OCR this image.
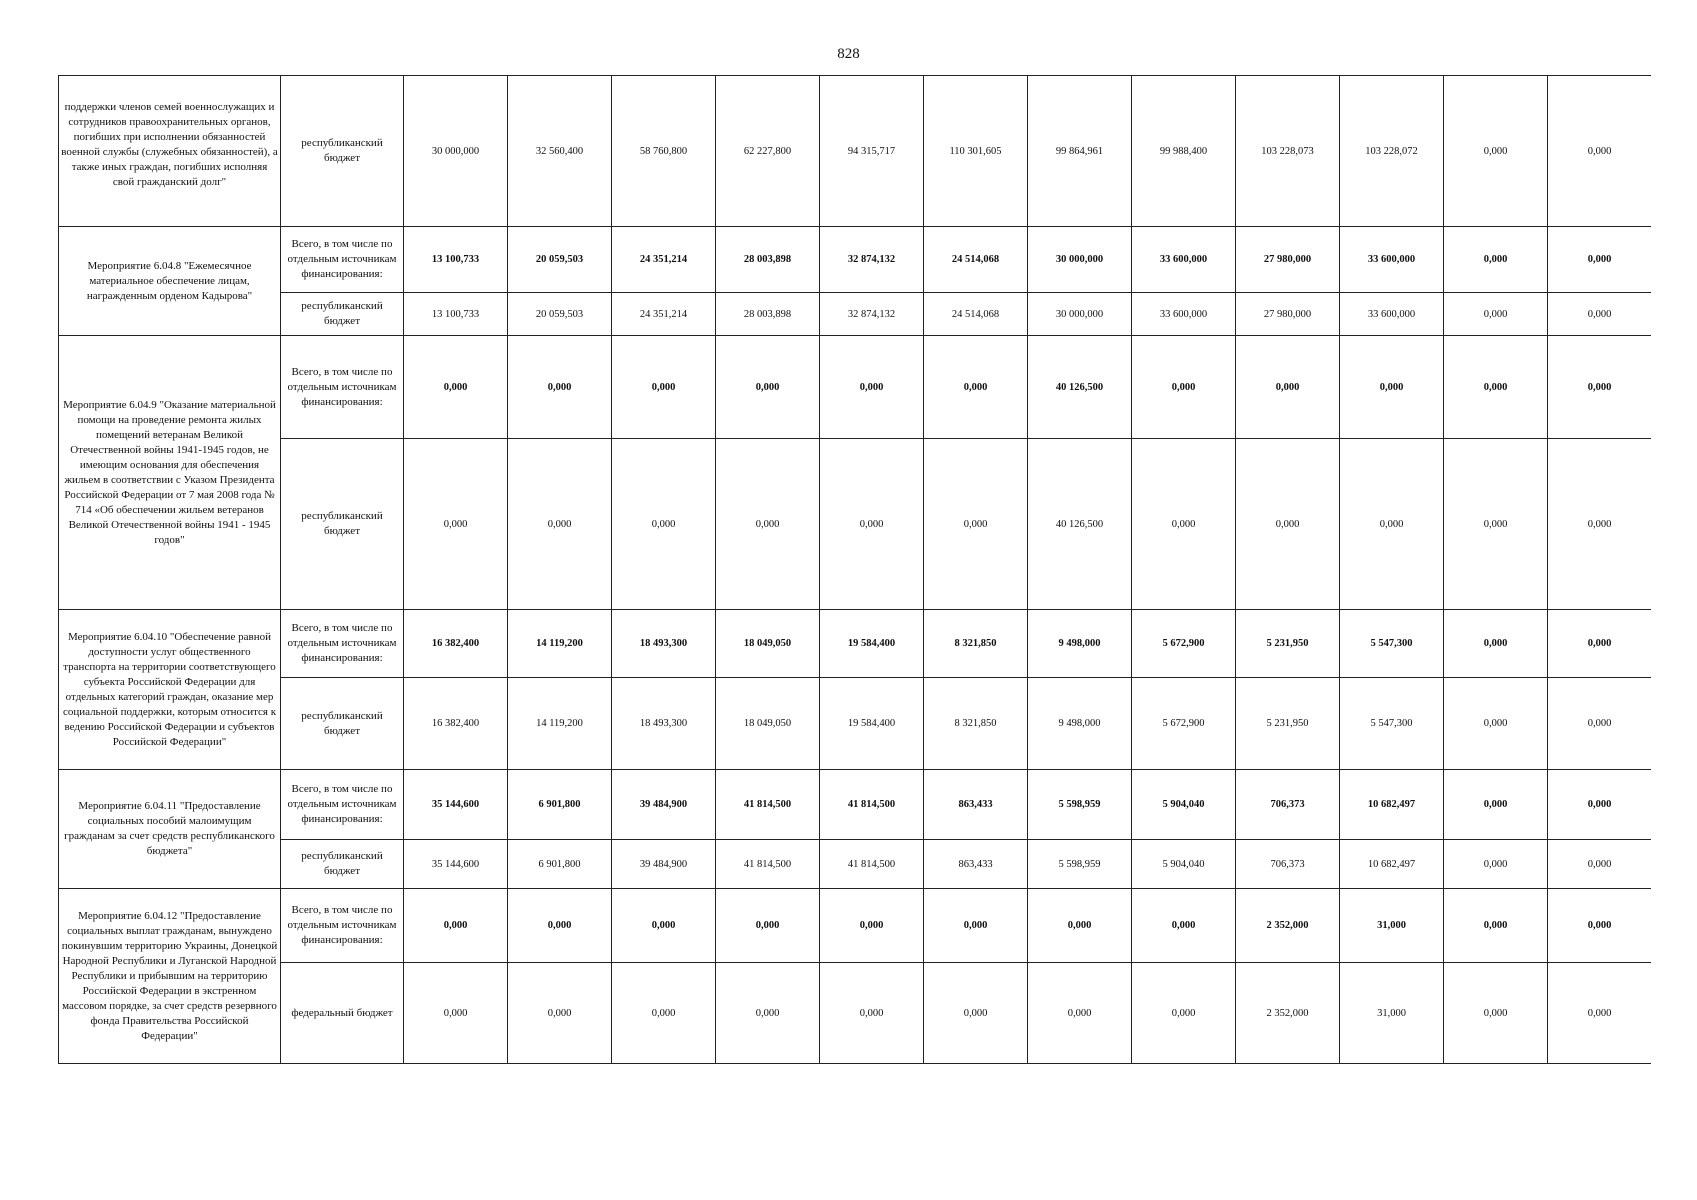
828
поддержки членов семей военнослужащих и сотрудников правоохранительных органов, погибших при исполнении обязанностей военной службы (служебных обязанностей), а также иных граждан, погибших исполняя свой гражданский долг"	республиканский бюджет	30 000,000	32 560,400	58 760,800	62 227,800	94 315,717	110 301,605	99 864,961	99 988,400	103 228,073	103 228,072	0,000	0,000

Мероприятие 6.04.8 "Ежемесячное материальное обеспечение лицам, награжденным орденом Кадырова"	Всего, в том числе по отдельным источникам финансирования:	13 100,733	20 059,503	24 351,214	28 003,898	32 874,132	24 514,068	30 000,000	33 600,000	27 980,000	33 600,000	0,000	0,000
	республиканский бюджет	13 100,733	20 059,503	24 351,214	28 003,898	32 874,132	24 514,068	30 000,000	33 600,000	27 980,000	33 600,000	0,000	0,000

Мероприятие 6.04.9 "Оказание материальной помощи на проведение ремонта жилых помещений ветеранам Великой Отечественной войны 1941-1945 годов, не имеющим основания для обеспечения жильем в соответствии с Указом Президента Российской Федерации от 7 мая 2008 года № 714 «Об обеспечении жильем ветеранов Великой Отечественной войны 1941 - 1945 годов"	Всего, в том числе по отдельным источникам финансирования:	0,000	0,000	0,000	0,000	0,000	0,000	40 126,500	0,000	0,000	0,000	0,000	0,000
	республиканский бюджет	0,000	0,000	0,000	0,000	0,000	0,000	40 126,500	0,000	0,000	0,000	0,000	0,000

Мероприятие 6.04.10 "Обеспечение равной доступности услуг общественного транспорта на территории соответствующего субъекта Российской Федерации для отдельных категорий граждан, оказание мер социальной поддержки, которым относится к ведению Российской Федерации и субъектов Российской Федерации"	Всего, в том числе по отдельным источникам финансирования:	16 382,400	14 119,200	18 493,300	18 049,050	19 584,400	8 321,850	9 498,000	5 672,900	5 231,950	5 547,300	0,000	0,000
	республиканский бюджет	16 382,400	14 119,200	18 493,300	18 049,050	19 584,400	8 321,850	9 498,000	5 672,900	5 231,950	5 547,300	0,000	0,000

Мероприятие 6.04.11 "Предоставление социальных пособий малоимущим гражданам за счет средств республиканского бюджета"	Всего, в том числе по отдельным источникам финансирования:	35 144,600	6 901,800	39 484,900	41 814,500	41 814,500	863,433	5 598,959	5 904,040	706,373	10 682,497	0,000	0,000
	республиканский бюджет	35 144,600	6 901,800	39 484,900	41 814,500	41 814,500	863,433	5 598,959	5 904,040	706,373	10 682,497	0,000	0,000

Мероприятие 6.04.12 "Предоставление социальных выплат гражданам, вынуждено покинувшим территорию Украины, Донецкой Народной Республики и Луганской Народной Республики и прибывшим на территорию Российской Федерации в экстренном массовом порядке, за счет средств резервного фонда Правительства Российской Федерации"	Всего, в том числе по отдельным источникам финансирования:	0,000	0,000	0,000	0,000	0,000	0,000	0,000	0,000	2 352,000	31,000	0,000	0,000
	федеральный бюджет	0,000	0,000	0,000	0,000	0,000	0,000	0,000	0,000	2 352,000	31,000	0,000	0,000
